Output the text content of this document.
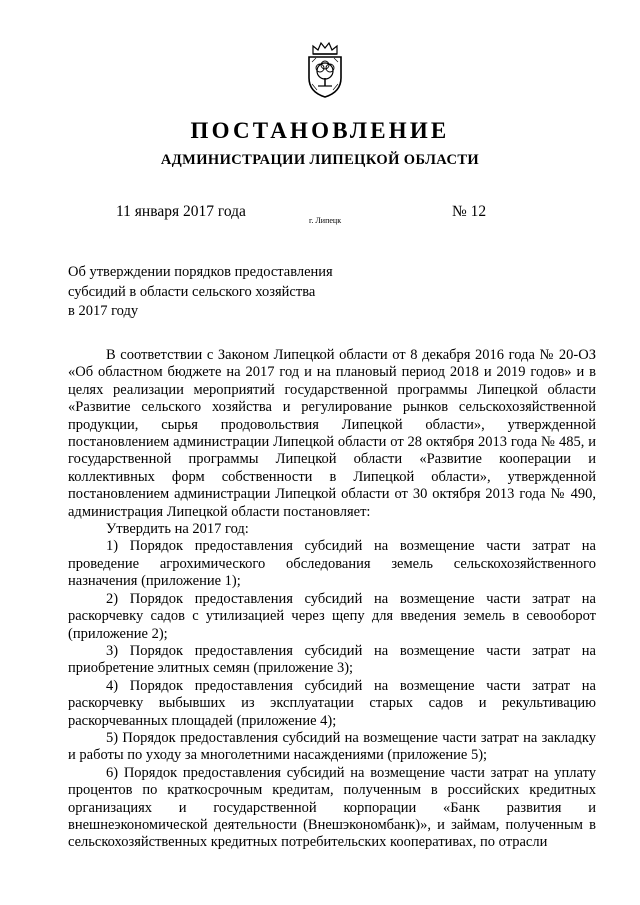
ПОСТАНОВЛЕНИЕ
АДМИНИСТРАЦИИ ЛИПЕЦКОЙ ОБЛАСТИ
11 января 2017 года
г. Липецк
№ 12
Об утверждении порядков предоставления
субсидий в области сельского хозяйства
в 2017 году

В соответствии с Законом Липецкой области от 8 декабря 2016 года № 20-ОЗ «Об областном бюджете на 2017 год и на плановый период 2018 и 2019 годов» и в целях реализации мероприятий государственной программы Липецкой области «Развитие сельского хозяйства и регулирование рынков сельскохозяйственной продукции, сырья продовольствия Липецкой области», утвержденной постановлением администрации Липецкой области от 28 октября 2013 года № 485, и государственной программы Липецкой области «Развитие кооперации и коллективных форм собственности в Липецкой области», утвержденной постановлением администрации Липецкой области от 30 октября 2013 года № 490, администрация Липецкой области постановляет:

Утвердить на 2017 год:

1) Порядок предоставления субсидий на возмещение части затрат на проведение агрохимического обследования земель сельскохозяйственного назначения (приложение 1);

2) Порядок предоставления субсидий на возмещение части затрат на раскорчевку садов с утилизацией через щепу для введения земель в севооборот (приложение 2);

3) Порядок предоставления субсидий на возмещение части затрат на приобретение элитных семян (приложение 3);

4) Порядок предоставления субсидий на возмещение части затрат на раскорчевку выбывших из эксплуатации старых садов и рекультивацию раскорчеванных площадей (приложение 4);

5) Порядок предоставления субсидий на возмещение части затрат на закладку и работы по уходу за многолетними насаждениями (приложение 5);

6) Порядок предоставления субсидий на возмещение части затрат на уплату процентов по краткосрочным кредитам, полученным в российских кредитных организациях и государственной корпорации «Банк развития и внешнеэкономической деятельности (Внешэкономбанк)», и займам, полученным в сельскохозяйственных кредитных потребительских кооперативах, по отрасли
